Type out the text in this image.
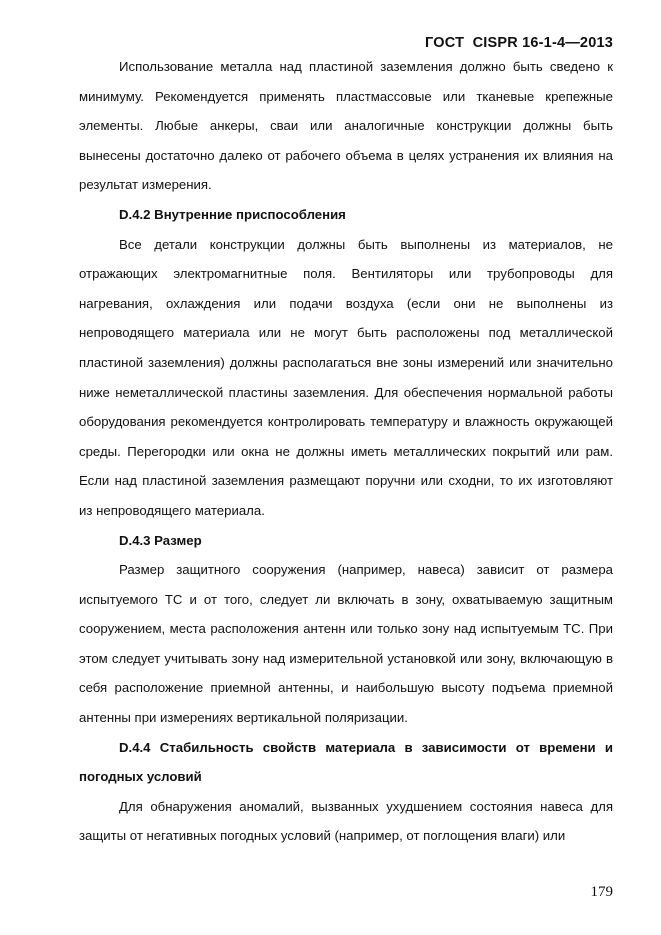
ГОСТ  CISPR 16-1-4—2013

Использование металла над пластиной заземления должно быть сведено к минимуму. Рекомендуется применять пластмассовые или тканевые крепежные элементы. Любые анкеры, сваи или аналогичные конструкции должны быть вынесены достаточно далеко от рабочего объема в целях устранения их влияния на результат измерения.

D.4.2 Внутренние приспособления

Все детали конструкции должны быть выполнены из материалов, не отражающих электромагнитные поля. Вентиляторы или трубопроводы для нагревания, охлаждения или подачи воздуха (если они не выполнены из непроводящего материала или не могут быть расположены под металлической пластиной заземления) должны располагаться вне зоны измерений или значительно ниже неметаллической пластины заземления. Для обеспечения нормальной работы оборудования рекомендуется контролировать температуру и влажность окружающей среды. Перегородки или окна не должны иметь металлических покрытий или рам. Если над пластиной заземления размещают поручни или сходни, то их изготовляют из непроводящего материала.

D.4.3 Размер

Размер защитного сооружения (например, навеса) зависит от размера испытуемого ТС и от того, следует ли включать в зону, охватываемую защитным сооружением, места расположения антенн или только зону над испытуемым ТС. При этом следует учитывать зону над измерительной установкой или зону, включающую в себя расположение приемной антенны, и наибольшую высоту подъема приемной антенны при измерениях вертикальной поляризации.

D.4.4 Стабильность свойств материала в зависимости от времени и погодных условий

Для обнаружения аномалий, вызванных ухудшением состояния навеса для защиты от негативных погодных условий (например, от поглощения влаги) или

179
